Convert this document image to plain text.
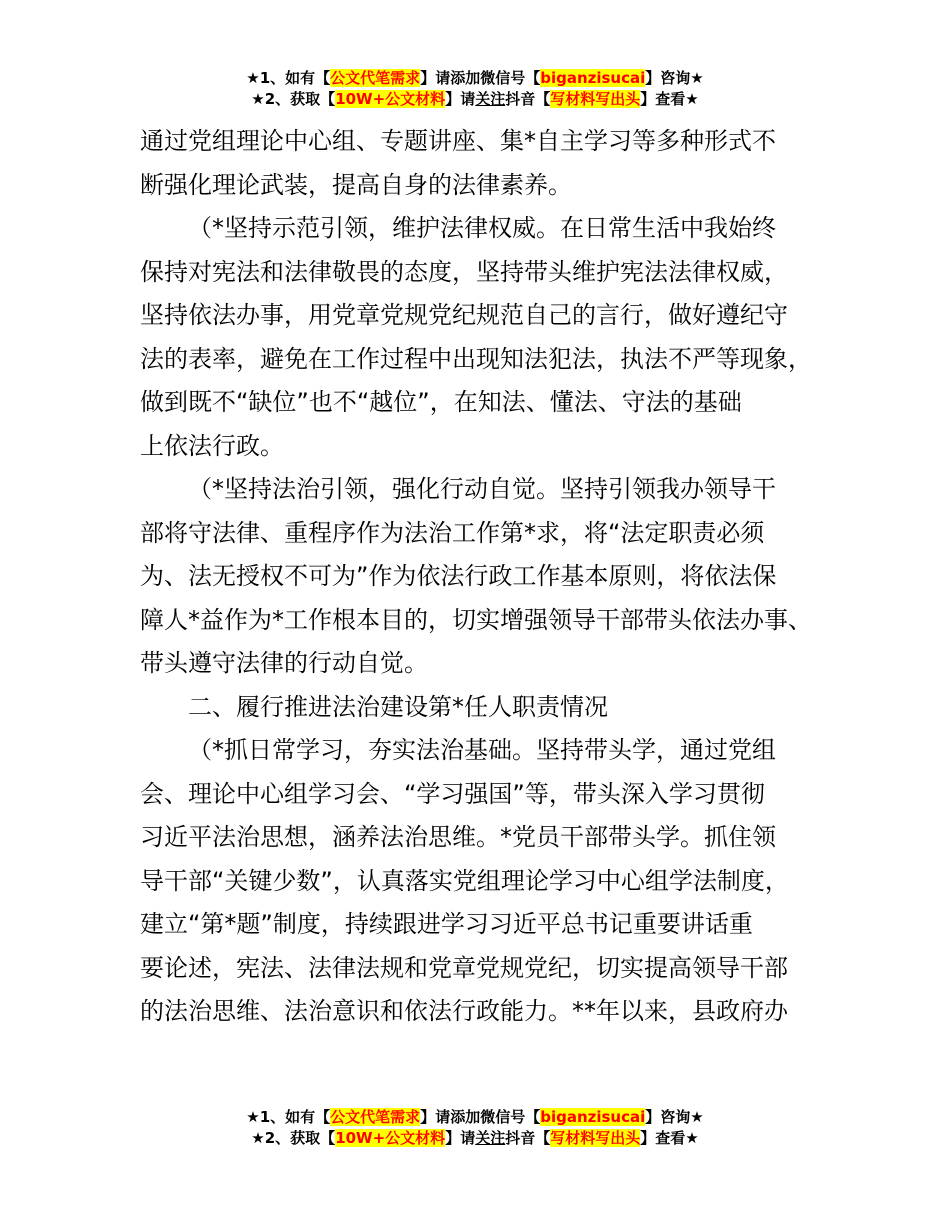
★1、如有【公文代笔需求】请添加微信号【biganzisucai】咨询★
★2、获取【10W+公文材料】请关注抖音【写材料写出头】查看★
通过党组理论中心组、专题讲座、集*自主学习等多种形式不
断强化理论武装，提高自身的法律素养。
（*坚持示范引领，维护法律权威。在日常生活中我始终
保持对宪法和法律敬畏的态度，坚持带头维护宪法法律权威，
坚持依法办事，用党章党规党纪规范自己的言行，做好遵纪守
法的表率，避免在工作过程中出现知法犯法，执法不严等现象，
做到既不“缺位”也不“越位”，在知法、懂法、守法的基础
上依法行政。
（*坚持法治引领，强化行动自觉。坚持引领我办领导干
部将守法律、重程序作为法治工作第*求，将“法定职责必须
为、法无授权不可为”作为依法行政工作基本原则，将依法保
障人*益作为*工作根本目的，切实增强领导干部带头依法办事、
带头遵守法律的行动自觉。
二、履行推进法治建设第*任人职责情况
（*抓日常学习，夯实法治基础。坚持带头学，通过党组
会、理论中心组学习会、“学习强国”等，带头深入学习贯彻
习近平法治思想，涵养法治思维。*党员干部带头学。抓住领
导干部“关键少数”，认真落实党组理论学习中心组学法制度，
建立“第*题”制度，持续跟进学习习近平总书记重要讲话重
要论述，宪法、法律法规和党章党规党纪，切实提高领导干部
的法治思维、法治意识和依法行政能力。**年以来，县政府办
★1、如有【公文代笔需求】请添加微信号【biganzisucai】咨询★
★2、获取【10W+公文材料】请关注抖音【写材料写出头】查看★
